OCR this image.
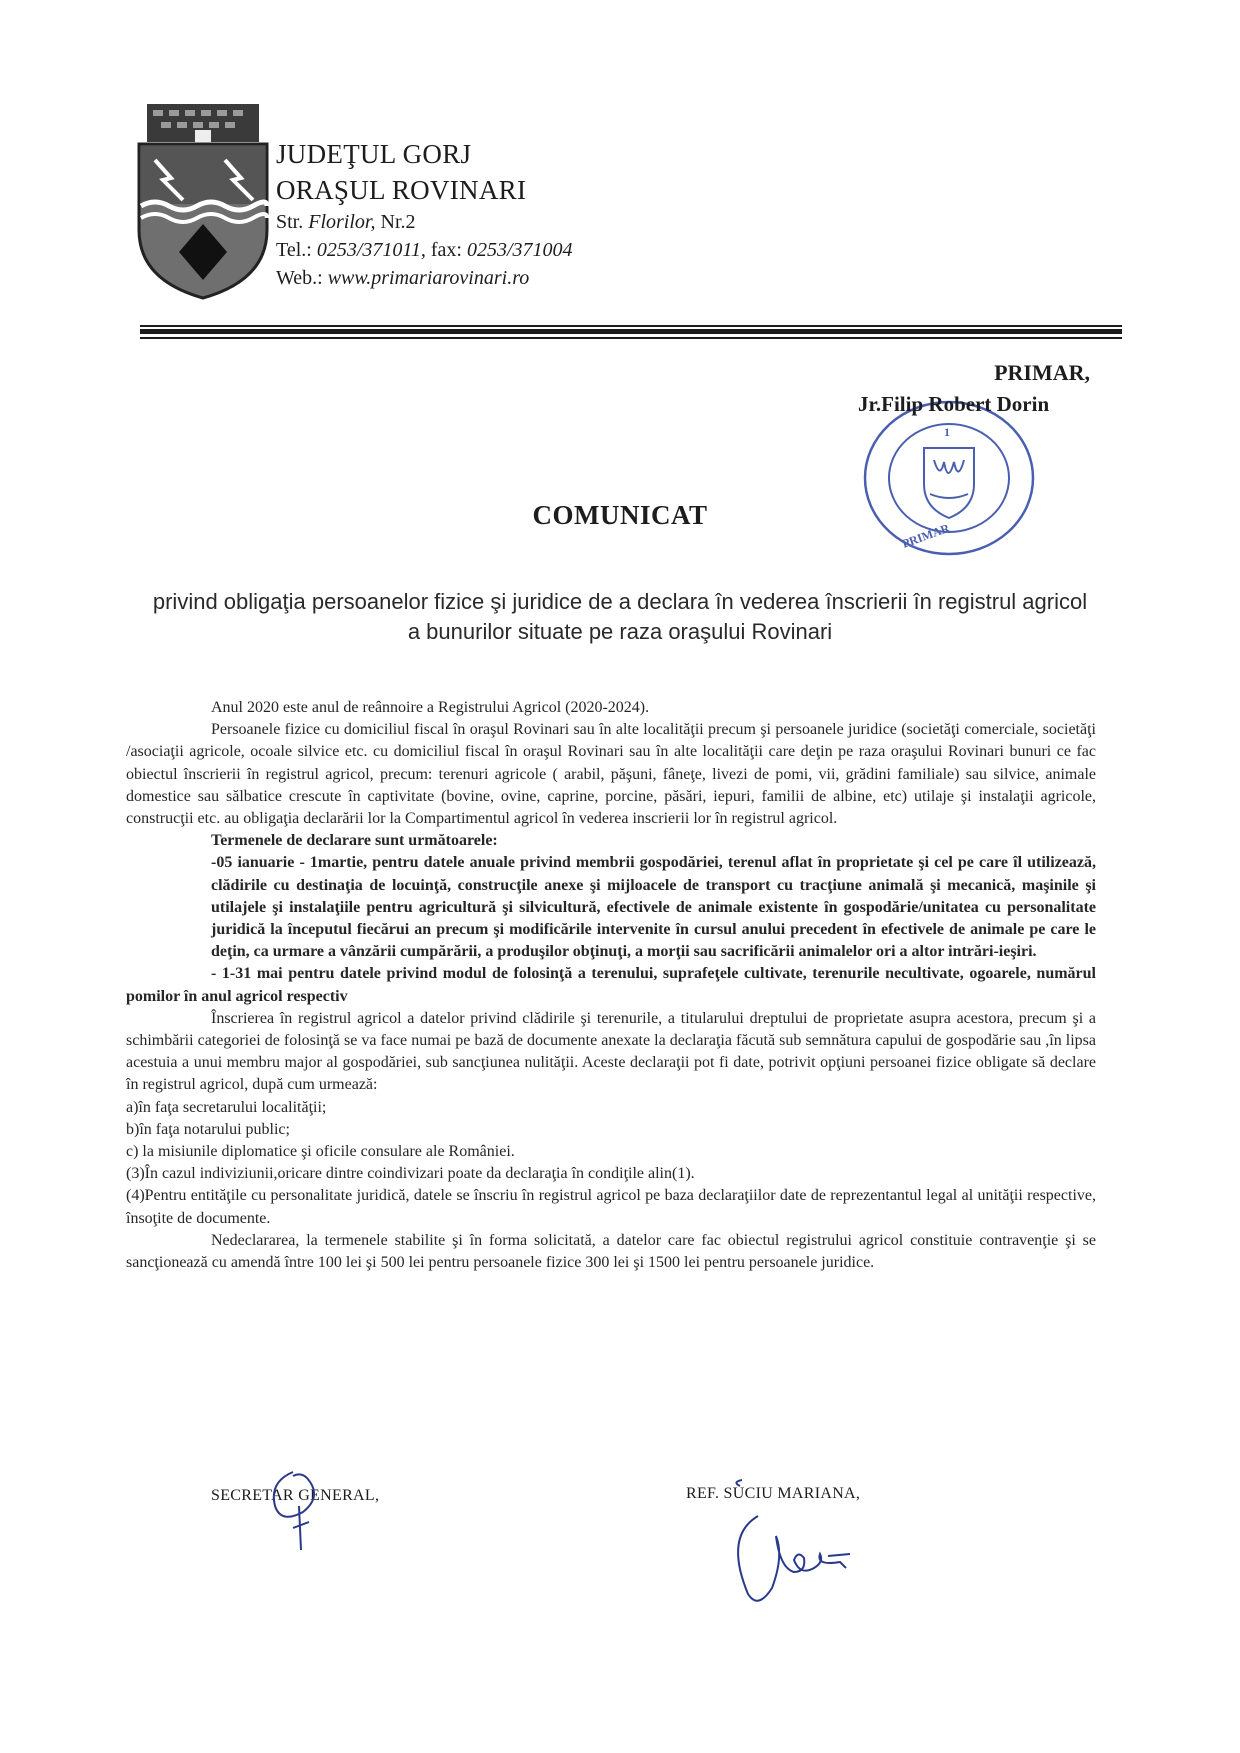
JUDEŢUL GORJ
ORAŞUL ROVINARI
Str. Florilor, Nr.2
Tel.: 0253/371011, fax: 0253/371004
Web.: www.primariarovinari.ro
PRIMAR
1
PRIMAR,
Jr.Filip Robert Dorin
COMUNICAT
privind obligaţia persoanelor fizice şi juridice de a declara în vederea înscrierii în registrul agricol a bunurilor situate pe raza oraşului Rovinari

Anul 2020 este anul de reânnoire a Registrului Agricol (2020-2024).

Persoanele fizice cu domiciliul fiscal în oraşul Rovinari sau în alte localităţii precum şi persoanele juridice (societăţi comerciale, societăţi /asociaţii agricole, ocoale silvice etc. cu domiciliul fiscal în oraşul Rovinari sau în alte localităţii care deţin pe raza oraşului Rovinari bunuri ce fac obiectul înscrierii în registrul agricol, precum: terenuri agricole ( arabil, păşuni, fâneţe, livezi de pomi, vii, grădini familiale) sau silvice, animale domestice sau sălbatice crescute în captivitate (bovine, ovine, caprine, porcine, păsări, iepuri, familii de albine, etc) utilaje şi instalaţii agricole, construcţii etc. au obligaţia declarării lor la Compartimentul agricol în vederea inscrierii lor în registrul agricol.

Termenele de declarare sunt următoarele:

-05 ianuarie - 1martie, pentru datele anuale privind membrii gospodăriei, terenul aflat în proprietate şi cel pe care îl utilizează, clădirile cu destinaţia de locuinţă, construcţile anexe şi mijloacele de transport cu tracţiune animală şi mecanică, maşinile şi utilajele şi instalaţiile pentru agricultură şi silvicultură, efectivele de animale existente în gospodărie/unitatea cu personalitate juridică la începutul fiecărui an precum şi modificările intervenite în cursul anului precedent în efectivele de animale pe care le deţin, ca urmare a vânzării cumpărării, a produşilor obţinuţi, a morţii sau sacrificării animalelor ori a altor intrări-ieşiri.

- 1-31 mai pentru datele privind modul de folosinţă a terenului, suprafeţele cultivate, terenurile necultivate, ogoarele, numărul pomilor în anul agricol respectiv

Înscrierea în registrul agricol a datelor privind clădirile şi terenurile, a titularului dreptului de proprietate asupra acestora, precum şi a schimbării categoriei de folosinţă se va face numai pe bază de documente anexate la declaraţia făcută sub semnătura capului de gospodărie sau ,în lipsa acestuia a unui membru major al gospodăriei, sub sancţiunea nulităţii. Aceste declaraţii pot fi date, potrivit opţiuni persoanei fizice obligate să declare în registrul agricol, după cum urmează:

a)în faţa secretarului localităţii;

b)în faţa notarului public;

c) la misiunile diplomatice şi oficile consulare ale României.

(3)În cazul indiviziunii,oricare dintre coindivizari poate da declaraţia în condiţile alin(1).

(4)Pentru entităţile cu personalitate juridică, datele se înscriu în registrul agricol pe baza declaraţiilor date de reprezentantul legal al unităţii respective, însoţite de documente.

Nedeclararea, la termenele stabilite şi în forma solicitată, a datelor care fac obiectul registrului agricol constituie contravenţie şi se sancţionează cu amendă între 100 lei şi 500 lei pentru persoanele fizice 300 lei şi 1500 lei pentru persoanele juridice.

SECRETAR GENERAL,	REF. SUCIU MARIANA,
